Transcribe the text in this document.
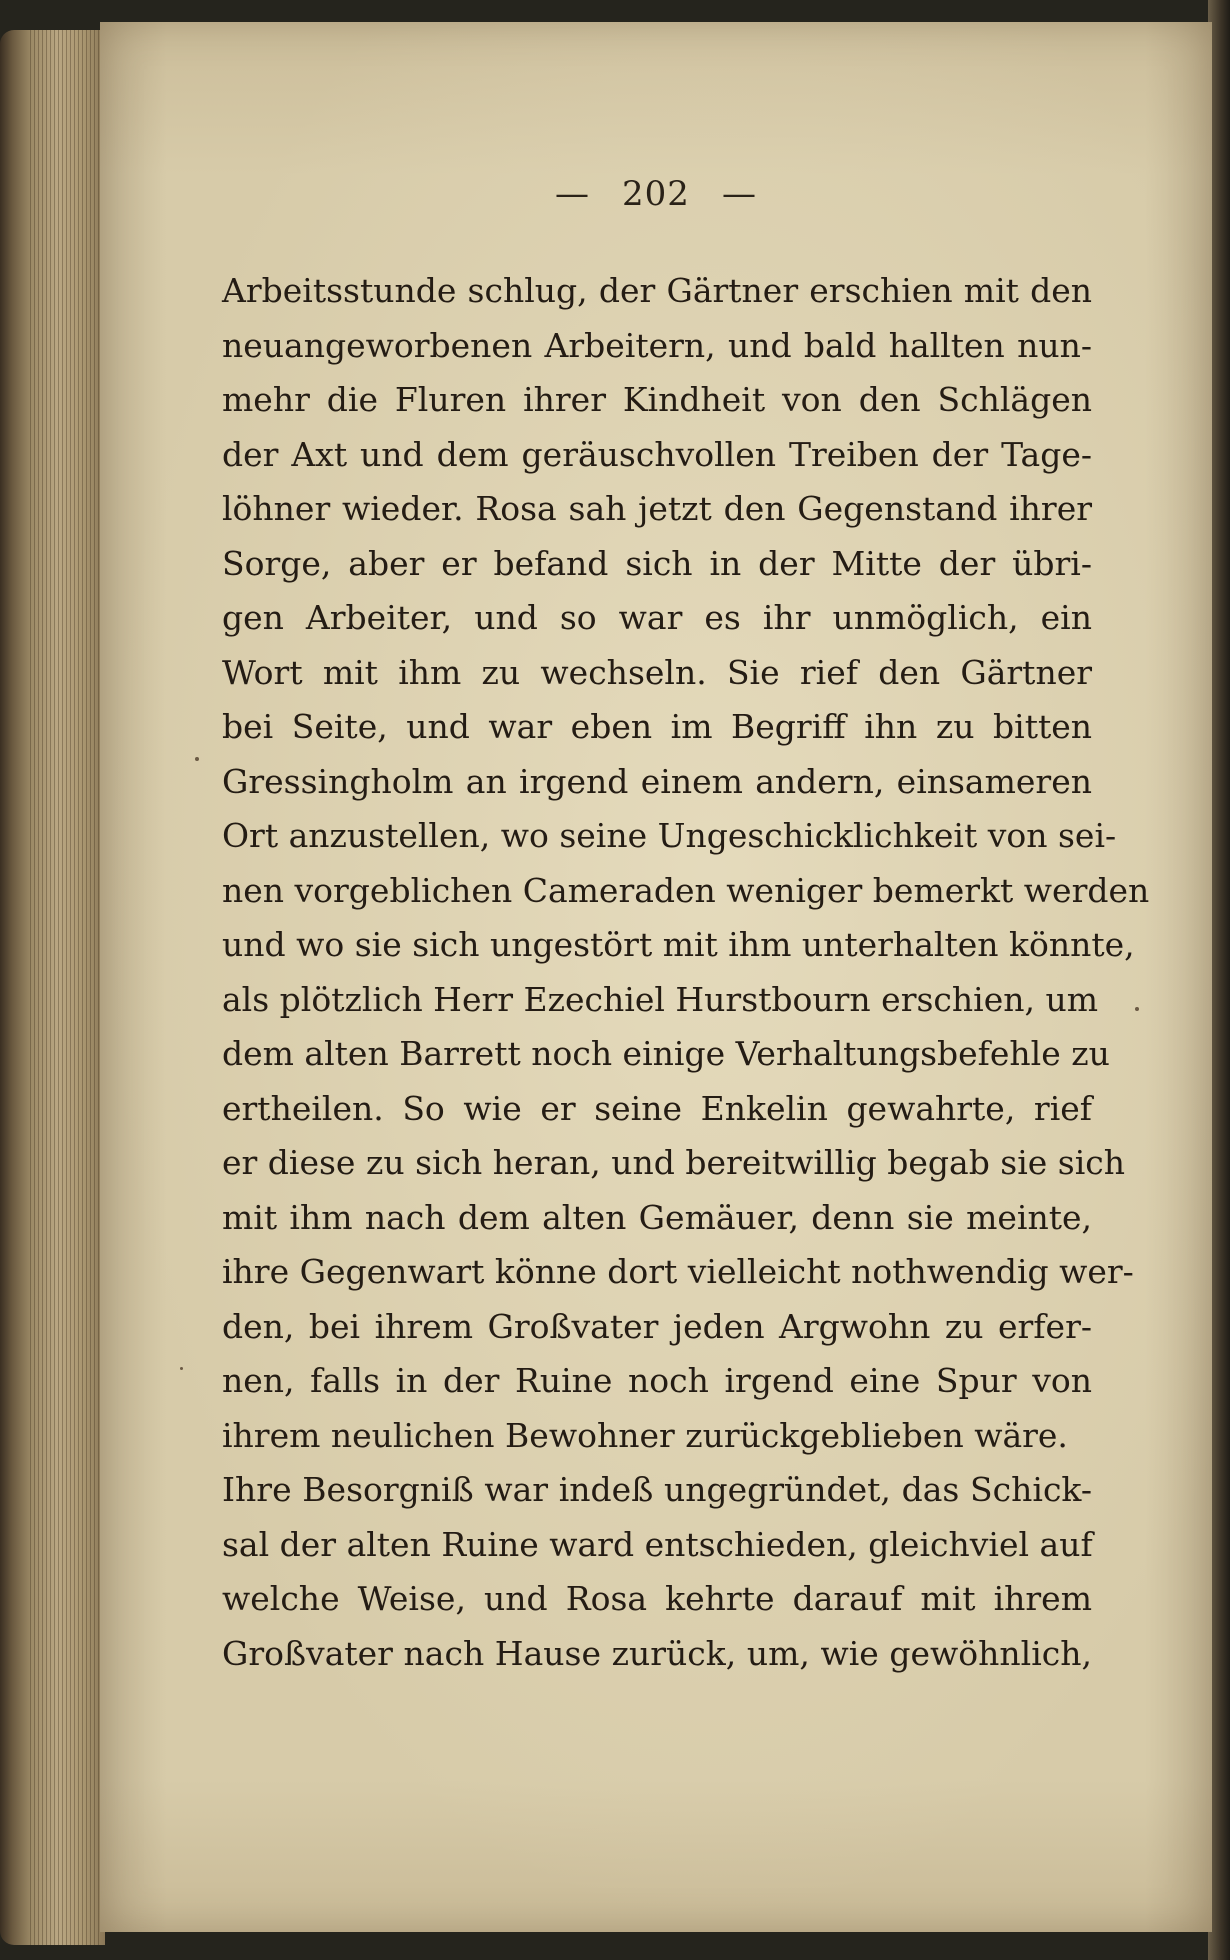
— 202 —
Arbeitsstunde schlug, der Gärtner erschien mit den
neuangeworbenen Arbeitern, und bald hallten nun-
mehr die Fluren ihrer Kindheit von den Schlägen
der Axt und dem geräuschvollen Treiben der Tage-
löhner wieder. Rosa sah jetzt den Gegenstand ihrer
Sorge, aber er befand sich in der Mitte der übri-
gen Arbeiter, und so war es ihr unmöglich, ein
Wort mit ihm zu wechseln. Sie rief den Gärtner
bei Seite, und war eben im Begriff ihn zu bitten
Gressingholm an irgend einem andern, einsameren
Ort anzustellen, wo seine Ungeschicklichkeit von sei-
nen vorgeblichen Cameraden weniger bemerkt werden
und wo sie sich ungestört mit ihm unterhalten könnte,
als plötzlich Herr Ezechiel Hurstbourn erschien, um
dem alten Barrett noch einige Verhaltungsbefehle zu
ertheilen. So wie er seine Enkelin gewahrte, rief
er diese zu sich heran, und bereitwillig begab sie sich
mit ihm nach dem alten Gemäuer, denn sie meinte,
ihre Gegenwart könne dort vielleicht nothwendig wer-
den, bei ihrem Großvater jeden Argwohn zu erfer-
nen, falls in der Ruine noch irgend eine Spur von
ihrem neulichen Bewohner zurückgeblieben wäre.
Ihre Besorgniß war indeß ungegründet, das Schick-
sal der alten Ruine ward entschieden, gleichviel auf
welche Weise, und Rosa kehrte darauf mit ihrem
Großvater nach Hause zurück, um, wie gewöhnlich,
